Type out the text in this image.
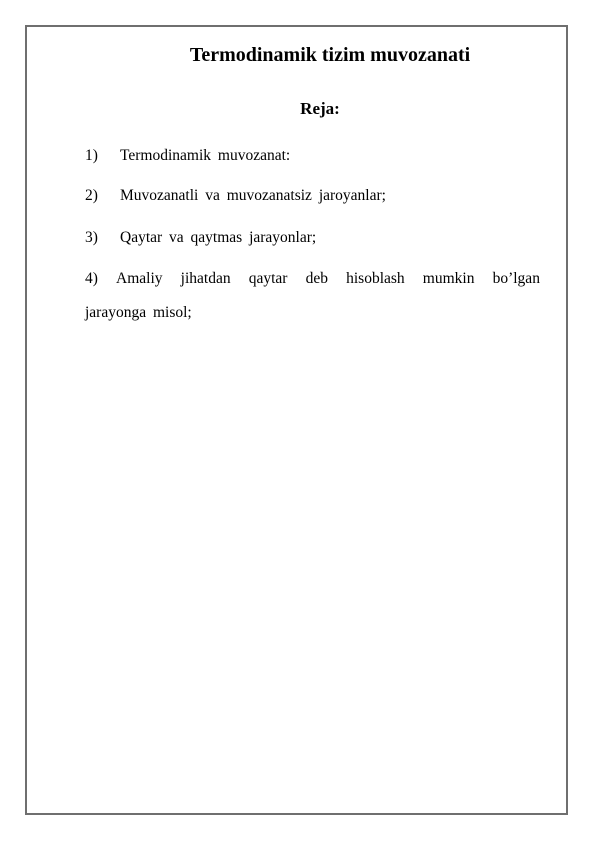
Termodinamik tizim muvozanati
Reja:
1) Termodinamik muvozanat:
2) Muvozanatli va muvozanatsiz jaroyanlar;
3) Qaytar va qaytmas jarayonlar;
4) Amaliy jihatdan qaytar deb hisoblash mumkin bo’lgan
jarayonga misol;
